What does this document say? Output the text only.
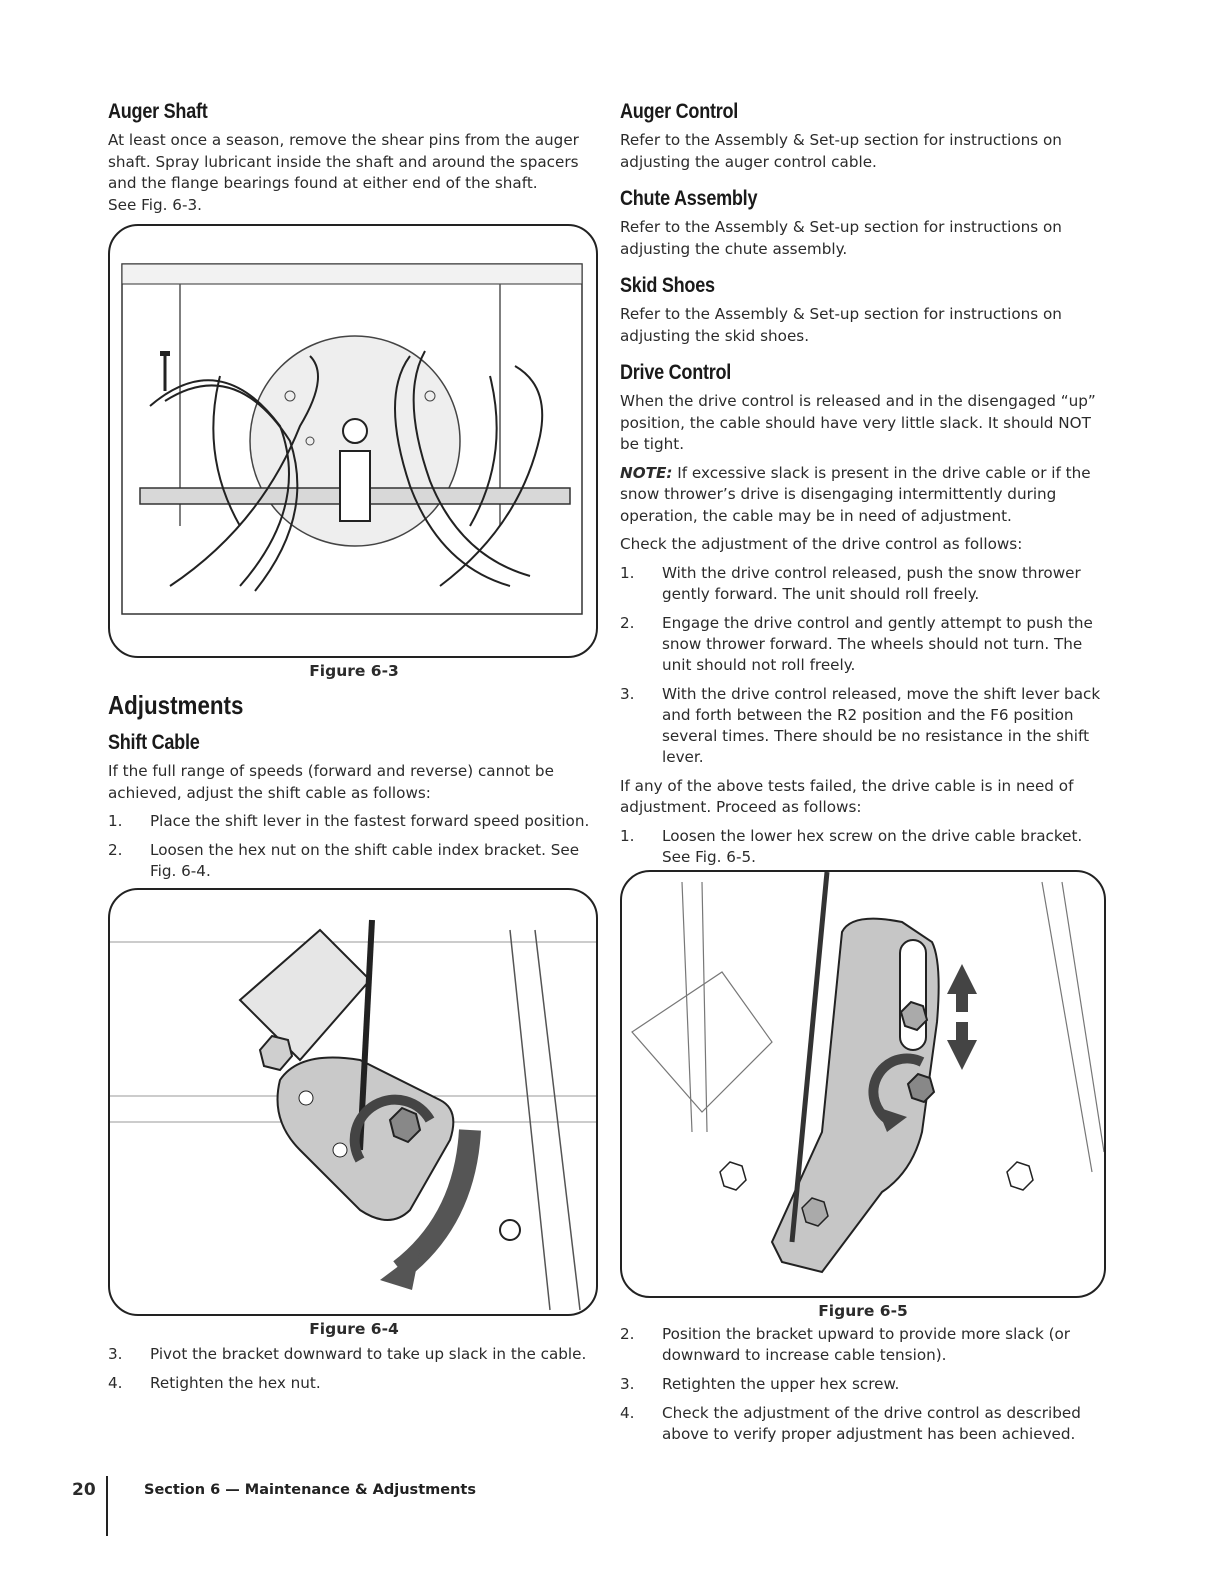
Auger Shaft

At least once a season, remove the shear pins from the auger shaft. Spray lubricant inside the shaft and around the spacers and the flange bearings found at either end of the shaft.
See Fig. 6-3.

Figure 6-3
Adjustments
Shift Cable

If the full range of speeds (forward and reverse) cannot be achieved, adjust the shift cable as follows:

1. Place the shift lever in the fastest forward speed position.
2. Loosen the hex nut on the shift cable index bracket. See Fig. 6-4.
Figure 6-4
3. Pivot the bracket downward to take up slack in the cable.
4. Retighten the hex nut.
Auger Control

Refer to the Assembly & Set-up section for instructions on adjusting the auger control cable.

Chute Assembly

Refer to the Assembly & Set-up section for instructions on adjusting the chute assembly.

Skid Shoes

Refer to the Assembly & Set-up section for instructions on adjusting the skid shoes.

Drive Control

When the drive control is released and in the disengaged “up” position, the cable should have very little slack. It should NOT be tight.

NOTE: If excessive slack is present in the drive cable or if the snow thrower’s drive is disengaging intermittently during operation, the cable may be in need of adjustment.

Check the adjustment of the drive control as follows:

1. With the drive control released, push the snow thrower gently forward. The unit should roll freely.
2. Engage the drive control and gently attempt to push the snow thrower forward. The wheels should not turn. The unit should not roll freely.
3. With the drive control released, move the shift lever back and forth between the R2 position and the F6 position several times. There should be no resistance in the shift lever.

If any of the above tests failed, the drive cable is in need of adjustment. Proceed as follows:

1. Loosen the lower hex screw on the drive cable bracket. See Fig. 6-5.
Figure 6-5
2. Position the bracket upward to provide more slack (or downward to increase cable tension).
3. Retighten the upper hex screw.
4. Check the adjustment of the drive control as described above to verify proper adjustment has been achieved.
20	Section 6 — Maintenance & Adjustments
